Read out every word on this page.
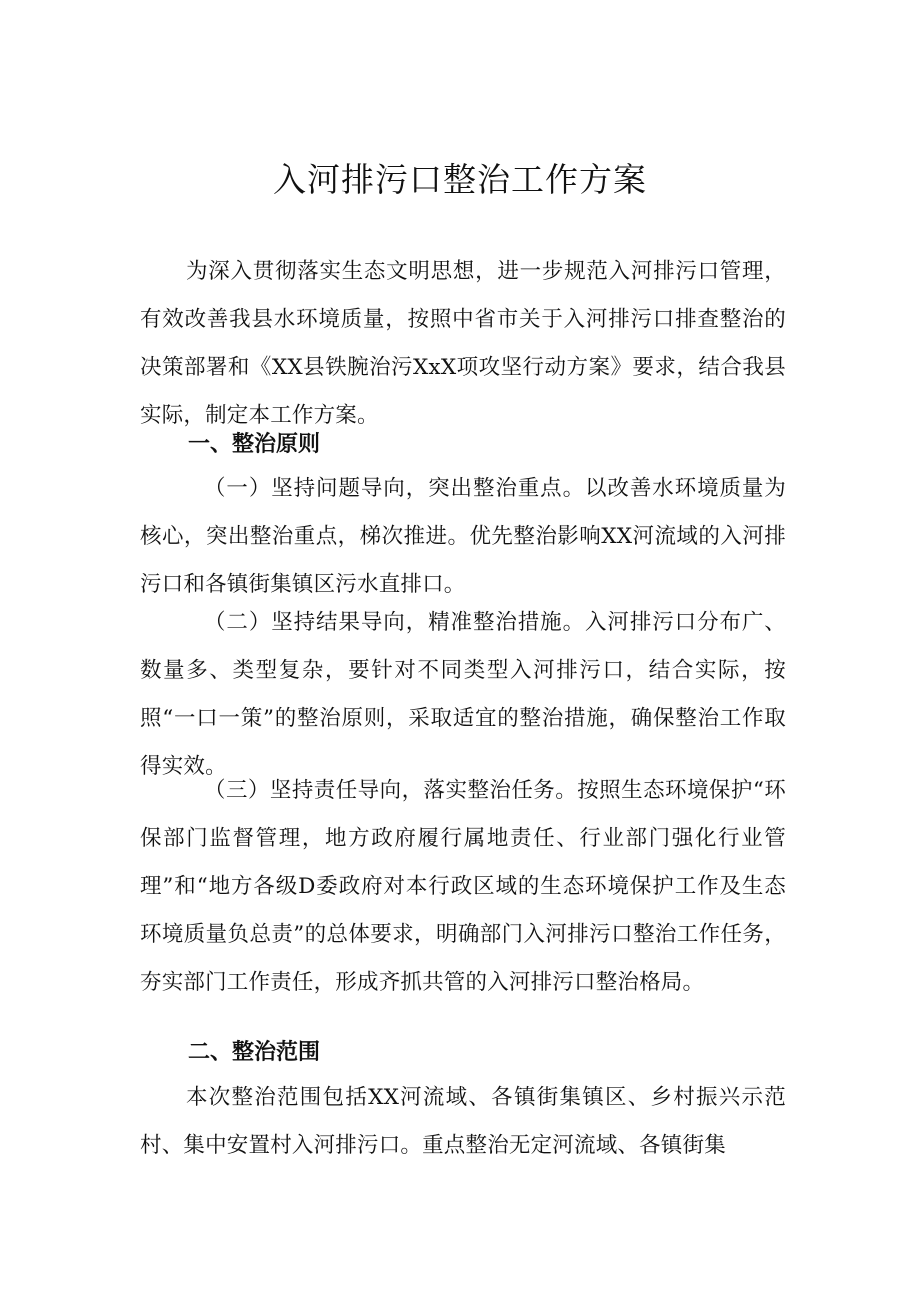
入河排污口整治工作方案

为深入贯彻落实生态文明思想，进一步规范入河排污口管理，有效改善我县水环境质量，按照中省市关于入河排污口排查整治的决策部署和《XX县铁腕治污XxX项攻坚行动方案》要求，结合我县实际，制定本工作方案。

一、整治原则

（一）坚持问题导向，突出整治重点。以改善水环境质量为核心，突出整治重点，梯次推进。优先整治影响XX河流域的入河排污口和各镇街集镇区污水直排口。

（二）坚持结果导向，精准整治措施。入河排污口分布广、数量多、类型复杂，要针对不同类型入河排污口，结合实际，按照“一口一策”的整治原则，采取适宜的整治措施，确保整治工作取得实效。

（三）坚持责任导向，落实整治任务。按照生态环境保护“环保部门监督管理，地方政府履行属地责任、行业部门强化行业管理”和“地方各级D委政府对本行政区域的生态环境保护工作及生态环境质量负总责”的总体要求，明确部门入河排污口整治工作任务，夯实部门工作责任，形成齐抓共管的入河排污口整治格局。

二、整治范围

本次整治范围包括XX河流域、各镇街集镇区、乡村振兴示范村、集中安置村入河排污口。重点整治无定河流域、各镇街集
